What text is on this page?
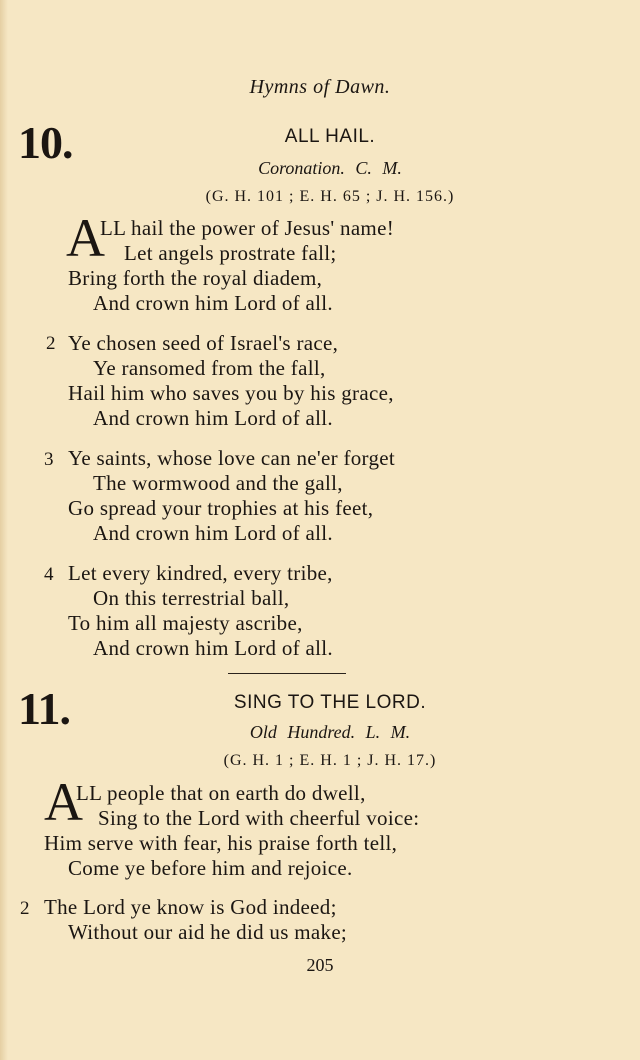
Hymns of Dawn.
10.	ALL HAIL.
Coronation. C. M.
(G. H. 101 ; E. H. 65 ; J. H. 156.)
A
LL hail the power of Jesus' name!
Let angels prostrate fall;
Bring forth the royal diadem,
And crown him Lord of all.
2 Ye chosen seed of Israel's race,
Ye ransomed from the fall,
Hail him who saves you by his grace,
And crown him Lord of all.
3 Ye saints, whose love can ne'er forget
The wormwood and the gall,
Go spread your trophies at his feet,
And crown him Lord of all.
4 Let every kindred, every tribe,
On this terrestrial ball,
To him all majesty ascribe,
And crown him Lord of all.
11.	SING TO THE LORD.
Old Hundred. L. M.
(G. H. 1 ; E. H. 1 ; J. H. 17.)
A
LL people that on earth do dwell,
Sing to the Lord with cheerful voice:
Him serve with fear, his praise forth tell,
Come ye before him and rejoice.
2 The Lord ye know is God indeed;
Without our aid he did us make;
205
